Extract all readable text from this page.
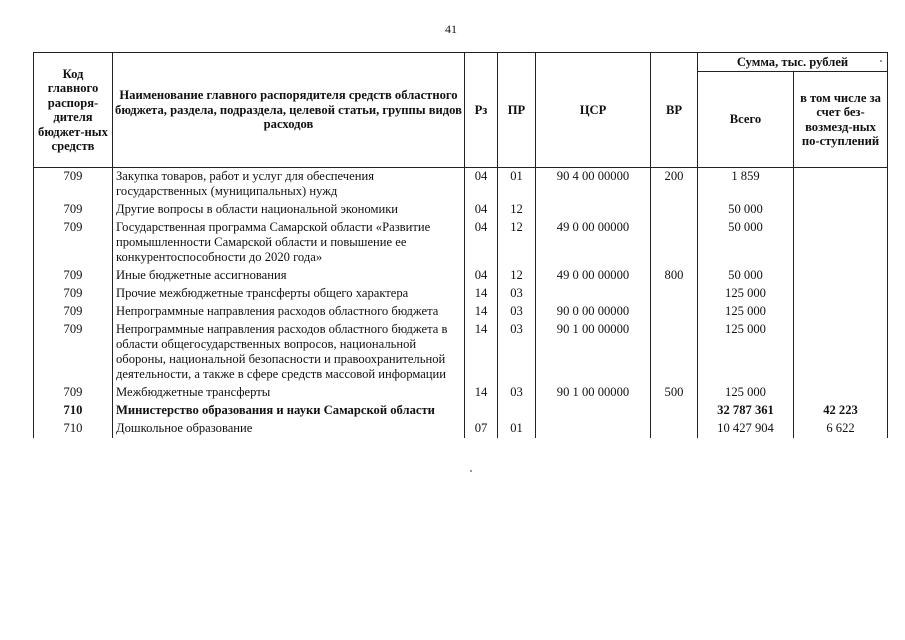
41
Код главного распоря-дителя бюджет-ных средств	Наименование главного распорядителя средств областного бюджета, раздела, подраздела, целевой статьи, группы видов расходов	Рз	ПР	ЦСР	ВР	Сумма, тыс. рублей	
						Всего	в том числе за счет без-возмезд-ных по-ступлений
709	Закупка товаров, работ и услуг для обеспечения государственных (муниципальных) нужд	04	01	90 4 00 00000	200	1 859	
709	Другие вопросы в области национальной экономики	04	12			50 000	
709	Государственная программа Самарской области «Развитие промышленности Самарской области и повышение ее конкурентоспособности до 2020 года»	04	12	49 0 00 00000		50 000	
709	Иные бюджетные ассигнования	04	12	49 0 00 00000	800	50 000	
709	Прочие межбюджетные трансферты общего характера	14	03			125 000	
709	Непрограммные направления расходов областного бюджета	14	03	90 0 00 00000		125 000	
709	Непрограммные направления расходов областного бюджета в области общегосударственных вопросов, национальной обороны, национальной безопасности и правоохранительной деятельности, а также в сфере средств массовой информации	14	03	90 1 00 00000		125 000	
709	Межбюджетные трансферты	14	03	90 1 00 00000	500	125 000	
710	Министерство образования и науки Самарской области					32 787 361	42 223
710	Дошкольное образование	07	01			10 427 904	6 622
